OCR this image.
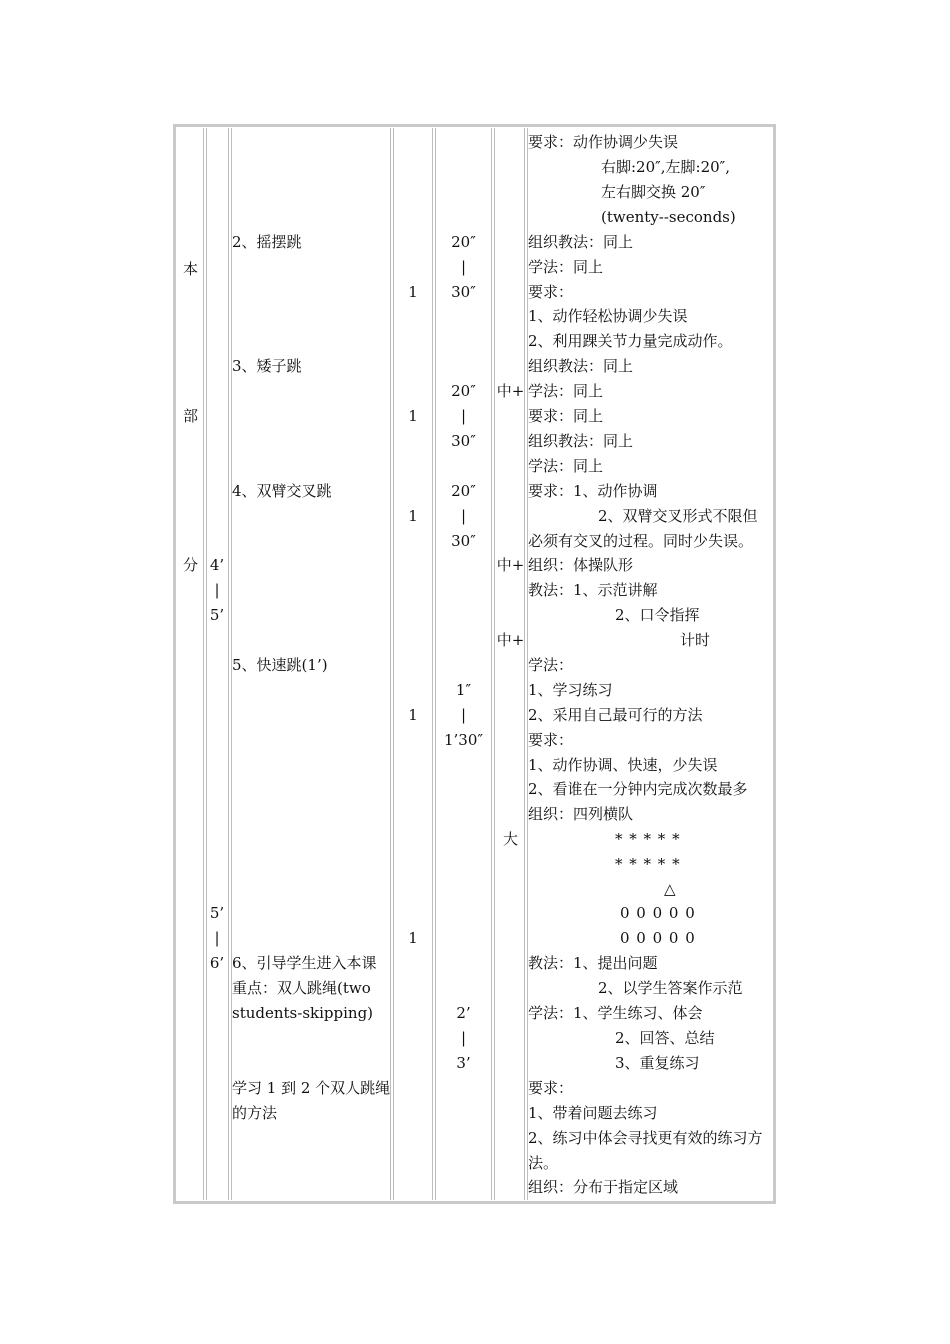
本
部
分 4’
|
5’
5’
|
6’
2、摇摆跳
3、矮子跳
4、双臂交叉跳
5、快速跳(1’)
6、引导学生进入本课
重点：双人跳绳(two
students-skipping)
学习 1 到 2 个双人跳绳
的方法
1
1
1
1
1
20″
|
30″
20″
|
30″
20″
|
30″
1″
|
1’30″
2’
|
3’
中+
中+
中+
大
要求：动作协调少失误
右脚:20″,左脚:20″,
左右脚交换 20″
(twenty--seconds)
组织教法：同上
学法：同上
要求：
1、动作轻松协调少失误
2、利用踝关节力量完成动作。
组织教法：同上
学法：同上
要求：同上
组织教法：同上
学法：同上
要求：1、动作协调
2、双臂交叉形式不限但
必须有交叉的过程。同时少失误。
组织：体操队形
教法：1、示范讲解
2、口令指挥
计时
学法：
1、学习练习
2、采用自己最可行的方法
要求：
1、动作协调、快速，少失误
2、看谁在一分钟内完成次数最多
组织：四列横队
* * * * *
* * * * *
△
0 0 0 0 0
0 0 0 0 0
教法：1、提出问题
2、以学生答案作示范
学法：1、学生练习、体会
2、回答、总结
3、重复练习
要求：
1、带着问题去练习
2、练习中体会寻找更有效的练习方
法。
组织：分布于指定区域
